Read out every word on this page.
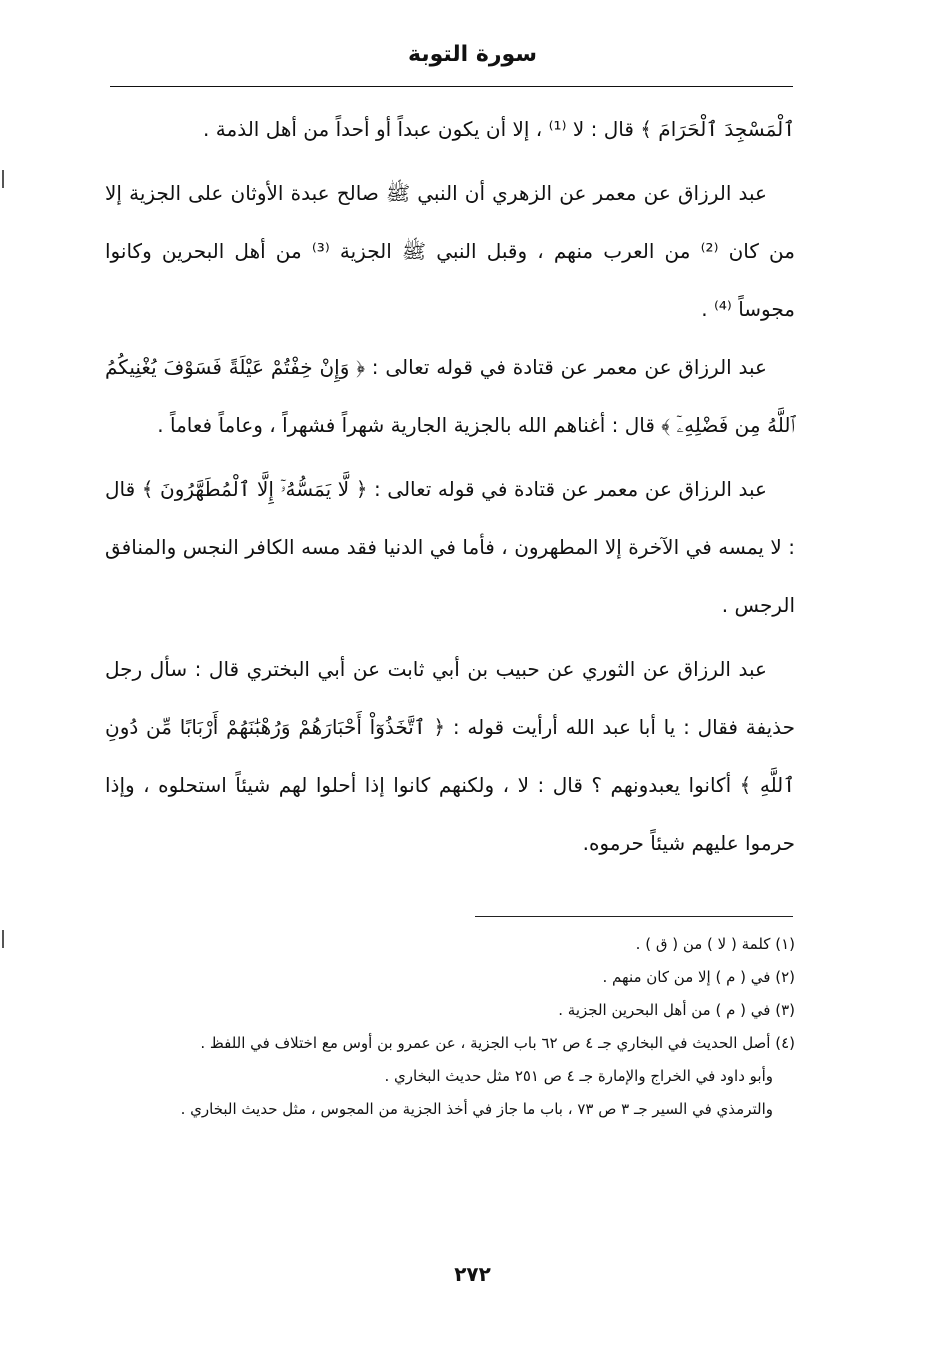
سورة التوبة

ٱلْمَسْجِدَ ٱلْحَرَامَ ﴾ قال : لا ⁽¹⁾ ، إلا أن يكون عبداً أو أحداً من أهل الذمة .

عبد الرزاق عن معمر عن الزهري أن النبي ﷺ صالح عبدة الأوثان على الجزية إلا من كان ⁽²⁾ من العرب منهم ، وقبل النبي ﷺ الجزية ⁽³⁾ من أهل البحرين وكانوا مجوساً ⁽⁴⁾ .

عبد الرزاق عن معمر عن قتادة في قوله تعالى : ﴿ وَإِنْ خِفْتُمْ عَيْلَةً فَسَوْفَ يُغْنِيكُمُ ٱللَّهُ مِن فَضْلِهِۦٓ ﴾ قال : أغناهم الله بالجزية الجارية شهراً فشهراً ، وعاماً فعاماً .

عبد الرزاق عن معمر عن قتادة في قوله تعالى : ﴿ لَّا يَمَسُّهُۥٓ إِلَّا ٱلْمُطَهَّرُونَ ﴾ قال : لا يمسه في الآخرة إلا المطهرون ، فأما في الدنيا فقد مسه الكافر النجس والمنافق الرجس .

عبد الرزاق عن الثوري عن حبيب بن أبي ثابت عن أبي البختري قال : سأل رجل حذيفة فقال : يا أبا عبد الله أرأيت قوله : ﴿ ٱتَّخَذُوٓاْ أَحْبَارَهُمْ وَرُهْبَٰنَهُمْ أَرْبَابًا مِّن دُونِ ٱللَّهِ ﴾ أكانوا يعبدونهم ؟ قال : لا ، ولكنهم كانوا إذا أحلوا لهم شيئاً استحلوه ، وإذا حرموا عليهم شيئاً حرموه.

(١) كلمة ( لا ) من ( ق ) .

(٢) في ( م ) إلا من كان منهم .

(٣) في ( م ) من أهل البحرين الجزية .

(٤) أصل الحديث في البخاري جـ ٤ ص ٦٢ باب الجزية ، عن عمرو بن أوس مع اختلاف في اللفظ .

وأبو داود في الخراج والإمارة جـ ٤ ص ٢٥١ مثل حديث البخاري .

والترمذي في السير جـ ٣ ص ٧٣ ، باب ما جاز في أخذ الجزية من المجوس ، مثل حديث البخاري .

٢٧٢
